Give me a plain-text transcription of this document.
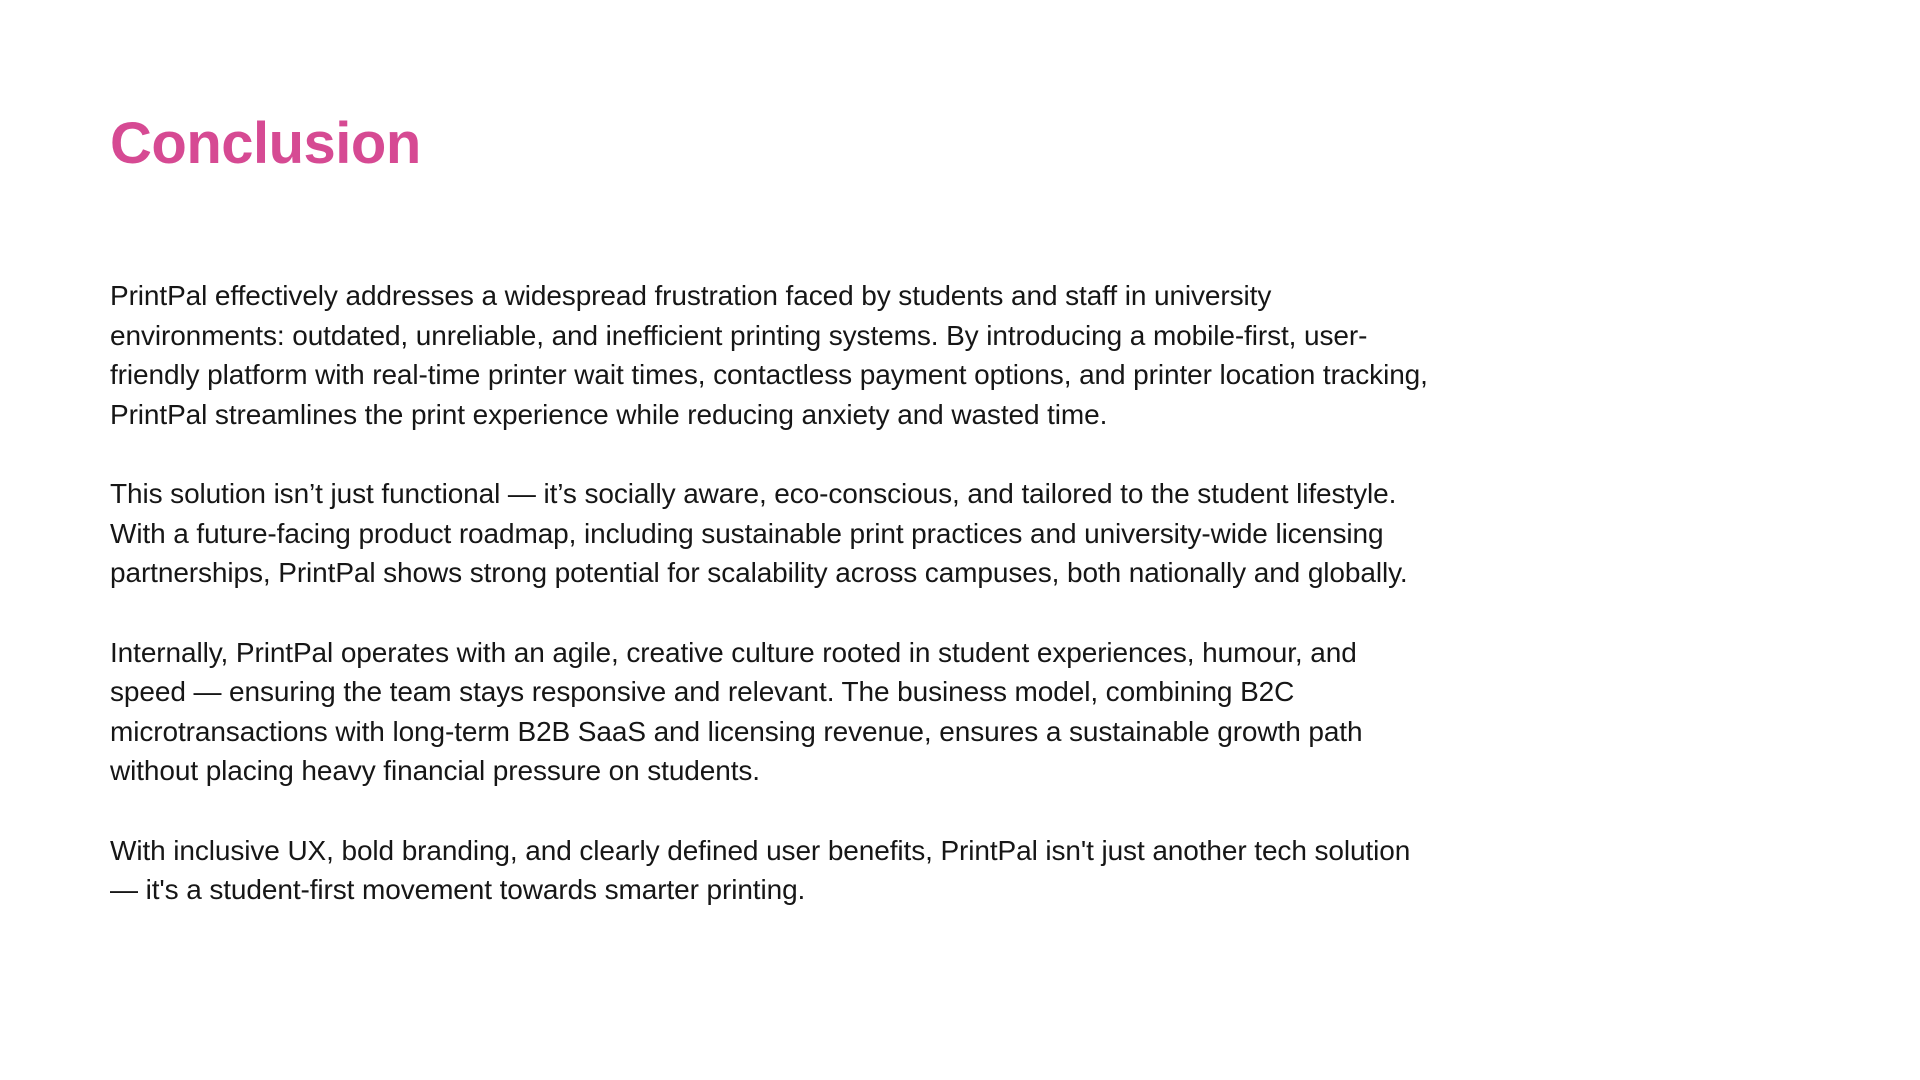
Conclusion

PrintPal effectively addresses a widespread frustration faced by students and staff in university environments: outdated, unreliable, and inefficient printing systems. By introducing a mobile-first, user-friendly platform with real-time printer wait times, contactless payment options, and printer location tracking, PrintPal streamlines the print experience while reducing anxiety and wasted time.

This solution isn’t just functional — it’s socially aware, eco-conscious, and tailored to the student lifestyle. With a future-facing product roadmap, including sustainable print practices and university-wide licensing partnerships, PrintPal shows strong potential for scalability across campuses, both nationally and globally.

Internally, PrintPal operates with an agile, creative culture rooted in student experiences, humour, and speed — ensuring the team stays responsive and relevant. The business model, combining B2C microtransactions with long-term B2B SaaS and licensing revenue, ensures a sustainable growth path without placing heavy financial pressure on students.

With inclusive UX, bold branding, and clearly defined user benefits, PrintPal isn't just another tech solution — it's a student-first movement towards smarter printing.
